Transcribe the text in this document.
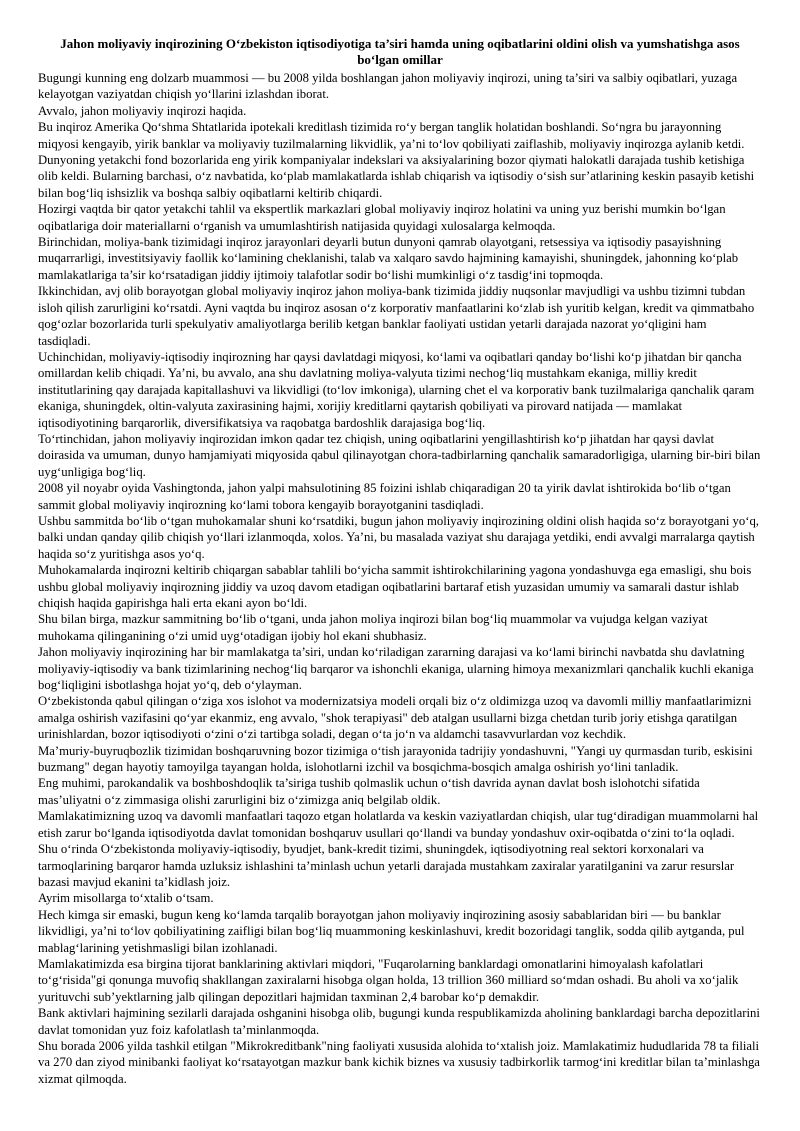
Jahon moliyaviy inqirozining O‘zbekiston iqtisodiyotiga ta’siri hamda uning oqibatlarini oldini olish va yumshatishga asos bo‘lgan omillar

Bugungi kunning eng dolzarb muammosi — bu 2008 yilda boshlangan jahon moliyaviy inqirozi, uning ta’siri va salbiy oqibatlari, yuzaga kelayotgan vaziyatdan chiqish yo‘llarini izlashdan iborat.

Avvalo, jahon moliyaviy inqirozi haqida.

Bu inqiroz Amerika Qo‘shma Shtatlarida ipotekali kreditlash tizimida ro‘y bergan tanglik holatidan boshlandi. So‘ngra bu jarayonning miqyosi kengayib, yirik banklar va moliyaviy tuzilmalarning likvidlik, ya’ni to‘lov qobiliyati zaiflashib, moliyaviy inqirozga aylanib ketdi. Dunyoning yetakchi fond bozorlarida eng yirik kompaniyalar indekslari va aksiyalarining bozor qiymati halokatli darajada tushib ketishiga olib keldi. Bularning barchasi, o‘z navbatida, ko‘plab mamlakatlarda ishlab chiqarish va iqtisodiy o‘sish sur’atlarining keskin pasayib ketishi bilan bog‘liq ishsizlik va boshqa salbiy oqibatlarni keltirib chiqardi.

Hozirgi vaqtda bir qator yetakchi tahlil va ekspertlik markazlari global moliyaviy inqiroz holatini va uning yuz berishi mumkin bo‘lgan oqibatlariga doir materiallarni o‘rganish va umumlashtirish natijasida quyidagi xulosalarga kelmoqda.

Birinchidan, moliya-bank tizimidagi inqiroz jarayonlari deyarli butun dunyoni qamrab olayotgani, retsessiya va iqtisodiy pasayishning muqarrarligi, investitsiyaviy faollik ko‘lamining cheklanishi, talab va xalqaro savdo hajmining kamayishi, shuningdek, jahonning ko‘plab mamlakatlariga ta’sir ko‘rsatadigan jiddiy ijtimoiy talafotlar sodir bo‘lishi mumkinligi o‘z tasdig‘ini topmoqda.

Ikkinchidan, avj olib borayotgan global moliyaviy inqiroz jahon moliya-bank tizimida jiddiy nuqsonlar mavjudligi va ushbu tizimni tubdan isloh qilish zarurligini ko‘rsatdi. Ayni vaqtda bu inqiroz asosan o‘z korporativ manfaatlarini ko‘zlab ish yuritib kelgan, kredit va qimmatbaho qog‘ozlar bozorlarida turli spekulyativ amaliyotlarga berilib ketgan banklar faoliyati ustidan yetarli darajada nazorat yo‘qligini ham tasdiqladi.

Uchinchidan, moliyaviy-iqtisodiy inqirozning har qaysi davlatdagi miqyosi, ko‘lami va oqibatlari qanday bo‘lishi ko‘p jihatdan bir qancha omillardan kelib chiqadi. Ya’ni, bu avvalo, ana shu davlatning moliya-valyuta tizimi nechog‘liq mustahkam ekaniga, milliy kredit institutlarining qay darajada kapitallashuvi va likvidligi (to‘lov imkoniga), ularning chet el va korporativ bank tuzilmalariga qanchalik qaram ekaniga, shuningdek, oltin-valyuta zaxirasining hajmi, xorijiy kreditlarni qaytarish qobiliyati va pirovard natijada — mamlakat iqtisodiyotining barqarorlik, diversifikatsiya va raqobatga bardoshlik darajasiga bog‘liq.

To‘rtinchidan, jahon moliyaviy inqirozidan imkon qadar tez chiqish, uning oqibatlarini yengillashtirish ko‘p jihatdan har qaysi davlat doirasida va umuman, dunyo hamjamiyati miqyosida qabul qilinayotgan chora-tadbirlarning qanchalik samaradorligiga, ularning bir-biri bilan uyg‘unligiga bog‘liq.

2008 yil noyabr oyida Vashingtonda, jahon yalpi mahsulotining 85 foizini ishlab chiqaradigan 20 ta yirik davlat ishtirokida bo‘lib o‘tgan sammit global moliyaviy inqirozning ko‘lami tobora kengayib borayotganini tasdiqladi.

Ushbu sammitda bo‘lib o‘tgan muhokamalar shuni ko‘rsatdiki, bugun jahon moliyaviy inqirozining oldini olish haqida so‘z borayotgani yo‘q, balki undan qanday qilib chiqish yo‘llari izlanmoqda, xolos. Ya’ni, bu masalada vaziyat shu darajaga yetdiki, endi avvalgi marralarga qaytish haqida so‘z yuritishga asos yo‘q.

Muhokamalarda inqirozni keltirib chiqargan sabablar tahlili bo‘yicha sammit ishtirokchilarining yagona yondashuvga ega emasligi, shu bois ushbu global moliyaviy inqirozning jiddiy va uzoq davom etadigan oqibatlarini bartaraf etish yuzasidan umumiy va samarali dastur ishlab chiqish haqida gapirishga hali erta ekani ayon bo‘ldi.

Shu bilan birga, mazkur sammitning bo‘lib o‘tgani, unda jahon moliya inqirozi bilan bog‘liq muammolar va vujudga kelgan vaziyat muhokama qilinganining o‘zi umid uyg‘otadigan ijobiy hol ekani shubhasiz.

Jahon moliyaviy inqirozining har bir mamlakatga ta’siri, undan ko‘riladigan zararning darajasi va ko‘lami birinchi navbatda shu davlatning moliyaviy-iqtisodiy va bank tizimlarining nechog‘liq barqaror va ishonchli ekaniga, ularning himoya mexanizmlari qanchalik kuchli ekaniga bog‘liqligini isbotlashga hojat yo‘q, deb o‘ylayman.

O‘zbekistonda qabul qilingan o‘ziga xos islohot va modernizatsiya modeli orqali biz o‘z oldimizga uzoq va davomli milliy manfaatlarimizni amalga oshirish vazifasini qo‘yar ekanmiz, eng avvalo, "shok terapiyasi" deb atalgan usullarni bizga chetdan turib joriy etishga qaratilgan urinishlardan, bozor iqtisodiyoti o‘zini o‘zi tartibga soladi, degan o‘ta jo‘n va aldamchi tasavvurlardan voz kechdik.

Ma’muriy-buyruqbozlik tizimidan boshqaruvning bozor tizimiga o‘tish jarayonida tadrijiy yondashuvni, "Yangi uy qurmasdan turib, eskisini buzmang" degan hayotiy tamoyilga tayangan holda, islohotlarni izchil va bosqichma-bosqich amalga oshirish yo‘lini tanladik.

Eng muhimi, parokandalik va boshboshdoqlik ta’siriga tushib qolmaslik uchun o‘tish davrida aynan davlat bosh islohotchi sifatida mas’uliyatni o‘z zimmasiga olishi zarurligini biz o‘zimizga aniq belgilab oldik.

Mamlakatimizning uzoq va davomli manfaatlari taqozo etgan holatlarda va keskin vaziyatlardan chiqish, ular tug‘diradigan muammolarni hal etish zarur bo‘lganda iqtisodiyotda davlat tomonidan boshqaruv usullari qo‘llandi va bunday yondashuv oxir-oqibatda o‘zini to‘la oqladi.

Shu o‘rinda O‘zbekistonda moliyaviy-iqtisodiy, byudjet, bank-kredit tizimi, shuningdek, iqtisodiyotning real sektori korxonalari va tarmoqlarining barqaror hamda uzluksiz ishlashini ta’minlash uchun yetarli darajada mustahkam zaxiralar yaratilganini va zarur resurslar bazasi mavjud ekanini ta’kidlash joiz.

Ayrim misollarga to‘xtalib o‘tsam.

Hech kimga sir emaski, bugun keng ko‘lamda tarqalib borayotgan jahon moliyaviy inqirozining asosiy sabablaridan biri — bu banklar likvidligi, ya’ni to‘lov qobiliyatining zaifligi bilan bog‘liq muammoning keskinlashuvi, kredit bozoridagi tanglik, sodda qilib aytganda, pul mablag‘larining yetishmasligi bilan izohlanadi.

Mamlakatimizda esa birgina tijorat banklarining aktivlari miqdori, "Fuqarolarning banklardagi omonatlarini himoyalash kafolatlari to‘g‘risida"gi qonunga muvofiq shakllangan zaxiralarni hisobga olgan holda, 13 trillion 360 milliard so‘mdan oshadi. Bu aholi va xo‘jalik yurituvchi sub’yektlarning jalb qilingan depozitlari hajmidan taxminan 2,4 barobar ko‘p demakdir.

Bank aktivlari hajmining sezilarli darajada oshganini hisobga olib, bugungi kunda respublikamizda aholining banklardagi barcha depozitlarini davlat tomonidan yuz foiz kafolatlash ta’minlanmoqda.

Shu borada 2006 yilda tashkil etilgan "Mikrokreditbank"ning faoliyati xususida alohida to‘xtalish joiz. Mamlakatimiz hududlarida 78 ta filiali va 270 dan ziyod minibanki faoliyat ko‘rsatayotgan mazkur bank kichik biznes va xususiy tadbirkorlik tarmog‘ini kreditlar bilan ta’minlashga xizmat qilmoqda.
